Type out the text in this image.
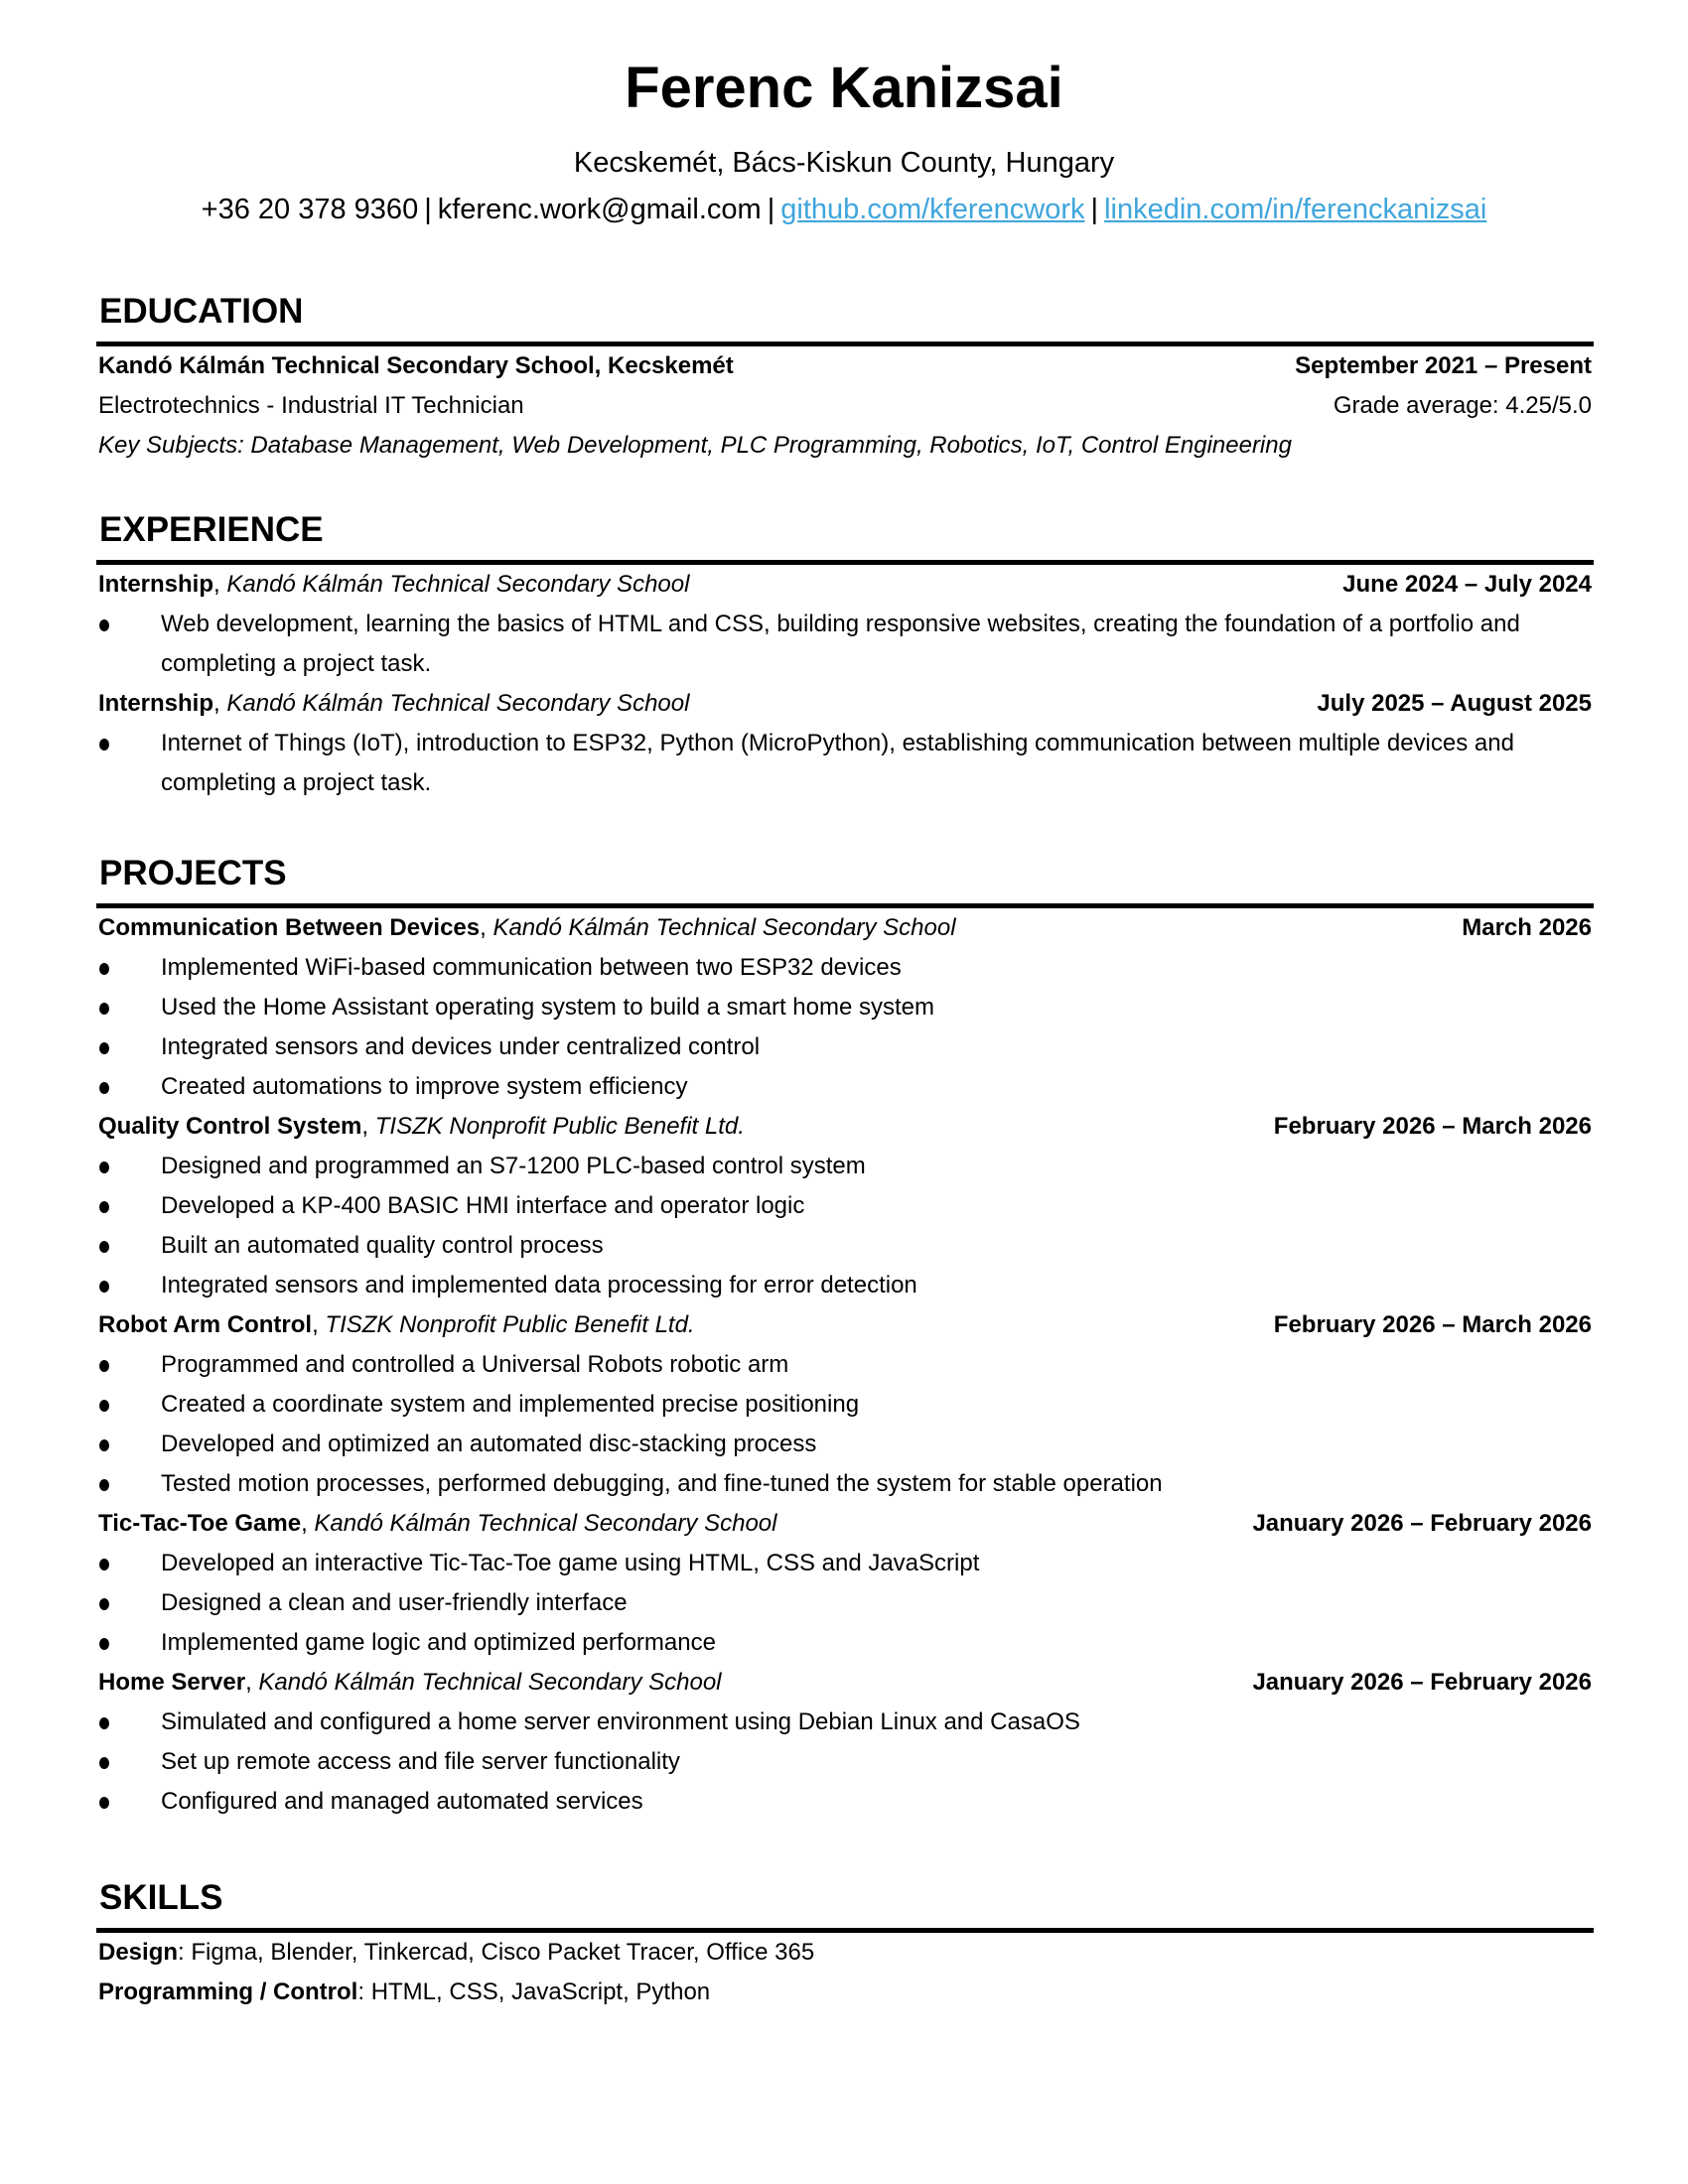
Ferenc Kanizsai
Kecskemét, Bács-Kiskun County, Hungary
+36 20 378 9360 | kferenc.work@gmail.com | github.com/kferencwork | linkedin.com/in/ferenckanizsai
EDUCATION
Kandó Kálmán Technical Secondary School, Kecskemét	September 2021 – Present
Electrotechnics - Industrial IT Technician	Grade average: 4.25/5.0
Key Subjects: Database Management, Web Development, PLC Programming, Robotics, IoT, Control Engineering
EXPERIENCE
Internship, Kandó Kálmán Technical Secondary School	June 2024 – July 2024
Web development, learning the basics of HTML and CSS, building responsive websites, creating the foundation of a portfolio and completing a project task.
Internship, Kandó Kálmán Technical Secondary School	July 2025 – August 2025
Internet of Things (IoT), introduction to ESP32, Python (MicroPython), establishing communication between multiple devices and completing a project task.
PROJECTS
Communication Between Devices, Kandó Kálmán Technical Secondary School	March 2026
Implemented WiFi-based communication between two ESP32 devices
Used the Home Assistant operating system to build a smart home system
Integrated sensors and devices under centralized control
Created automations to improve system efficiency
Quality Control System, TISZK Nonprofit Public Benefit Ltd.	February 2026 – March 2026
Designed and programmed an S7-1200 PLC-based control system
Developed a KP-400 BASIC HMI interface and operator logic
Built an automated quality control process
Integrated sensors and implemented data processing for error detection
Robot Arm Control, TISZK Nonprofit Public Benefit Ltd.	February 2026 – March 2026
Programmed and controlled a Universal Robots robotic arm
Created a coordinate system and implemented precise positioning
Developed and optimized an automated disc-stacking process
Tested motion processes, performed debugging, and fine-tuned the system for stable operation
Tic-Tac-Toe Game, Kandó Kálmán Technical Secondary School	January 2026 – February 2026
Developed an interactive Tic-Tac-Toe game using HTML, CSS and JavaScript
Designed a clean and user-friendly interface
Implemented game logic and optimized performance
Home Server, Kandó Kálmán Technical Secondary School	January 2026 – February 2026
Simulated and configured a home server environment using Debian Linux and CasaOS
Set up remote access and file server functionality
Configured and managed automated services
SKILLS
Design: Figma, Blender, Tinkercad, Cisco Packet Tracer, Office 365
Programming / Control: HTML, CSS, JavaScript, Python
